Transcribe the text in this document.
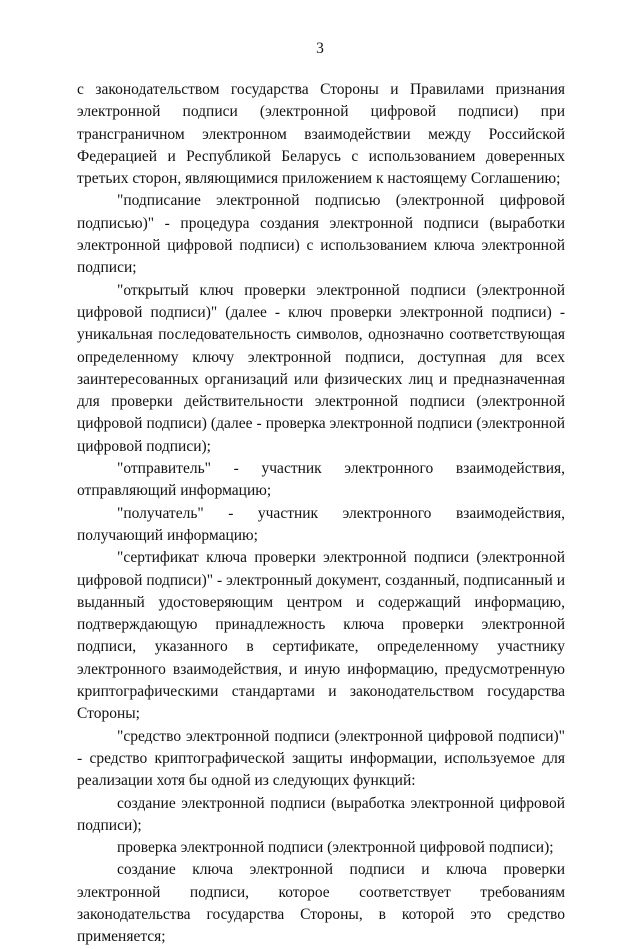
3

с законодательством государства Стороны и Правилами признания электронной подписи (электронной цифровой подписи) при трансграничном электронном взаимодействии между Российской Федерацией и Республикой Беларусь с использованием доверенных третьих сторон, являющимися приложением к настоящему Соглашению;

"подписание электронной подписью (электронной цифровой подписью)" - процедура создания электронной подписи (выработки электронной цифровой подписи) с использованием ключа электронной подписи;

"открытый ключ проверки электронной подписи (электронной цифровой подписи)" (далее - ключ проверки электронной подписи) - уникальная последовательность символов, однозначно соответствующая определенному ключу электронной подписи, доступная для всех заинтересованных организаций или физических лиц и предназначенная для проверки действительности электронной подписи (электронной цифровой подписи) (далее - проверка электронной подписи (электронной цифровой подписи);

"отправитель" - участник электронного взаимодействия, отправляющий информацию;

"получатель" - участник электронного взаимодействия, получающий информацию;

"сертификат ключа проверки электронной подписи (электронной цифровой подписи)" - электронный документ, созданный, подписанный и выданный удостоверяющим центром и содержащий информацию, подтверждающую принадлежность ключа проверки электронной подписи, указанного в сертификате, определенному участнику электронного взаимодействия, и иную информацию, предусмотренную криптографическими стандартами и законодательством государства Стороны;

"средство электронной подписи (электронной цифровой подписи)" - средство криптографической защиты информации, используемое для реализации хотя бы одной из следующих функций:

создание электронной подписи (выработка электронной цифровой подписи);

проверка электронной подписи (электронной цифровой подписи);

создание ключа электронной подписи и ключа проверки электронной подписи, которое соответствует требованиям законодательства государства Стороны, в которой это средство применяется;
